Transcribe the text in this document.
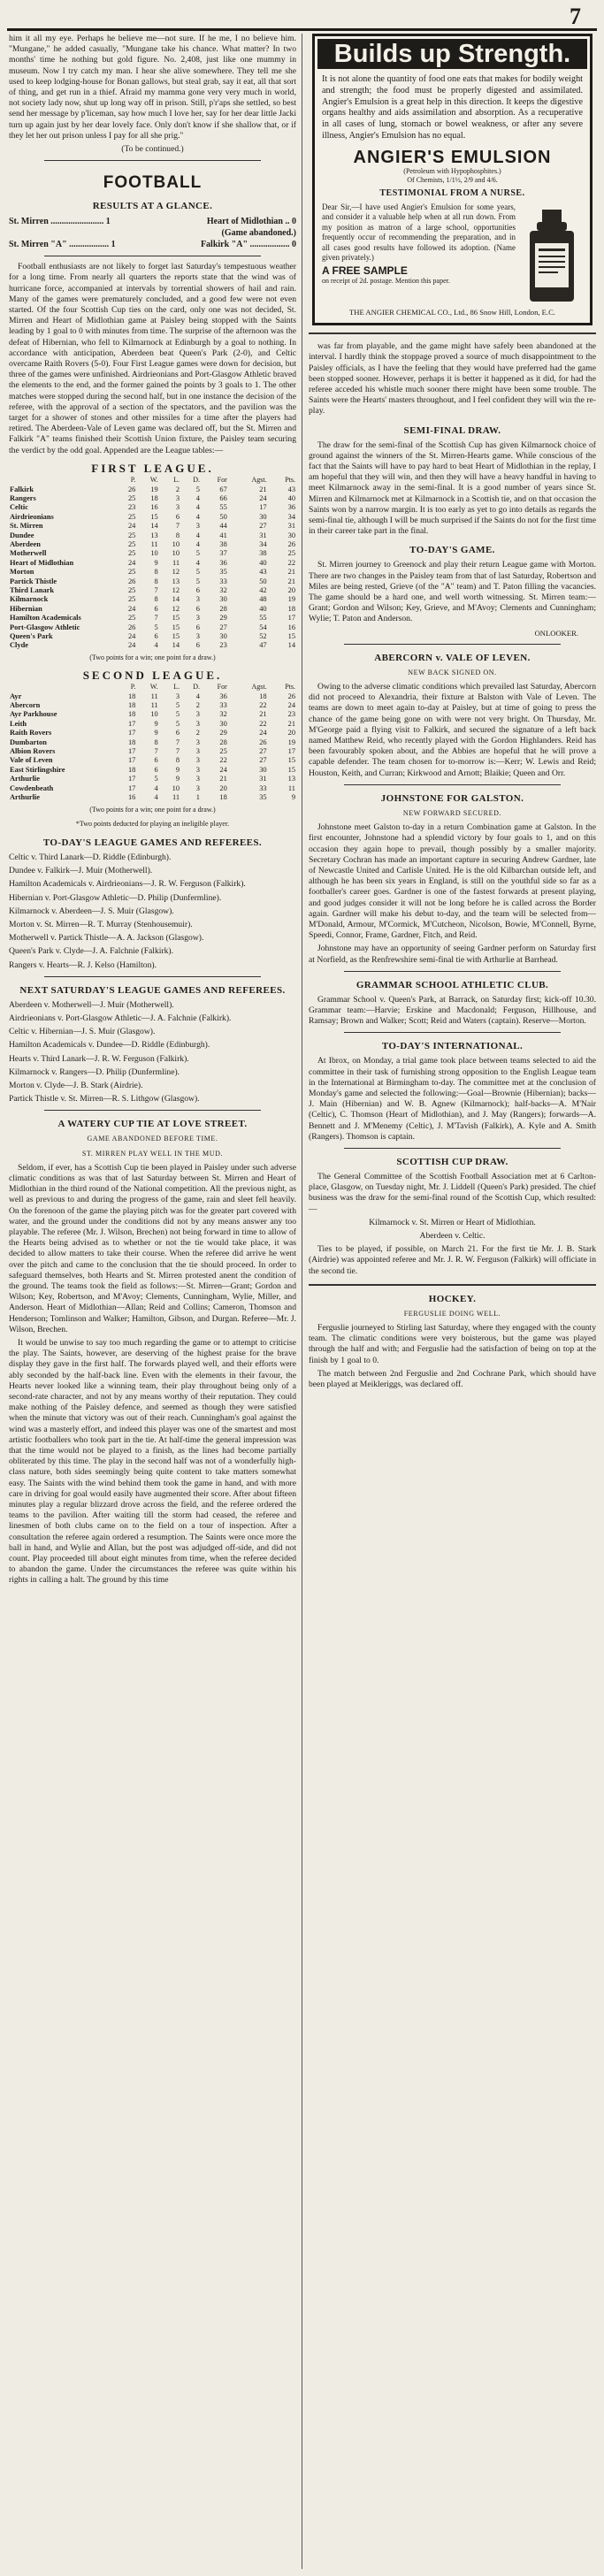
7

him it all my eye. Perhaps he believe me—not sure. If he me, I no believe him. "Mungane," he added casually, "Mungane take his chance. What matter? In two months' time he nothing but gold figure. No. 2,408, just like one mummy in museum. Now I try catch my man. I hear she alive somewhere. They tell me she used to keep lodging-house for Bonan gallows, but steal grab, say it eat, all that sort of thing, and get run in a thief. Afraid my mamma gone very very much in world, not society lady now, shut up long way off in prison. Still, p'r'aps she settled, so best send her message by p'liceman, say how much I love her, say for her dear little Jacki turn up again just by her dear lovely face. Only don't know if she shallow that, or if they let her out prison unless I pay for all she prig."

(To be continued.)

FOOTBALL
RESULTS AT A GLANCE.
St. Mirren ........................ 1	Heart of Midlothian .. 0
(Game abandoned.)
St. Mirren "A" .................. 1	Falkirk "A" .................. 0

Football enthusiasts are not likely to forget last Saturday's tempestuous weather for a long time. From nearly all quarters the reports state that the wind was of hurricane force, accompanied at intervals by torrential showers of hail and rain. Many of the games were prematurely concluded, and a good few were not even started. Of the four Scottish Cup ties on the card, only one was not decided, St. Mirren and Heart of Midlothian game at Paisley being stopped with the Saints leading by 1 goal to 0 with minutes from time. The surprise of the afternoon was the defeat of Hibernian, who fell to Kilmarnock at Edinburgh by a goal to nothing. In accordance with anticipation, Aberdeen beat Queen's Park (2-0), and Celtic overcame Raith Rovers (5-0). Four First League games were down for decision, but three of the games were unfinished. Airdrieonians and Port-Glasgow Athletic braved the elements to the end, and the former gained the points by 3 goals to 1. The other matches were stopped during the second half, but in one instance the decision of the referee, with the approval of a section of the spectators, and the pavilion was the target for a shower of stones and other missiles for a time after the players had retired. The Aberdeen-Vale of Leven game was declared off, but the St. Mirren and Falkirk "A" teams finished their Scottish Union fixture, the Paisley team securing the verdict by the odd goal. Appended are the League tables:—

FIRST LEAGUE.
	P.	W.	L.	D.	For	Agst.	Pts.
Falkirk	26	19	2	5	67	21	43
Rangers	25	18	3	4	66	24	40
Celtic	23	16	3	4	55	17	36
Airdrieonians	25	15	6	4	50	30	34
St. Mirren	24	14	7	3	44	27	31
Dundee	25	13	8	4	41	31	30
Aberdeen	25	11	10	4	38	34	26
Motherwell	25	10	10	5	37	38	25
Heart of Midlothian	24	9	11	4	36	40	22
Morton	25	8	12	5	35	43	21
Partick Thistle	26	8	13	5	33	50	21
Third Lanark	25	7	12	6	32	42	20
Kilmarnock	25	8	14	3	30	48	19
Hibernian	24	6	12	6	28	40	18
Hamilton Academicals	25	7	15	3	29	55	17
Port-Glasgow Athletic	26	5	15	6	27	54	16
Queen's Park	24	6	15	3	30	52	15
Clyde	24	4	14	6	23	47	14
(Two points for a win; one point for a draw.)
SECOND LEAGUE.
	P.	W.	L.	D.	For	Agst.	Pts.
Ayr	18	11	3	4	36	18	26
Abercorn	18	11	5	2	33	22	24
Ayr Parkhouse	18	10	5	3	32	21	23
Leith	17	9	5	3	30	22	21
Raith Rovers	17	9	6	2	29	24	20
Dumbarton	18	8	7	3	28	26	19
Albion Rovers	17	7	7	3	25	27	17
Vale of Leven	17	6	8	3	22	27	15
East Stirlingshire	18	6	9	3	24	30	15
Arthurlie	17	5	9	3	21	31	13
Cowdenbeath	17	4	10	3	20	33	11
Arthurlie	16	4	11	1	18	35	9
(Two points for a win; one point for a draw.)
*Two points deducted for playing an ineligible player.
TO-DAY'S LEAGUE GAMES AND REFEREES.

Celtic v. Third Lanark—D. Riddle (Edinburgh).

Dundee v. Falkirk—J. Muir (Motherwell).

Hamilton Academicals v. Airdrieonians—J. R. W. Ferguson (Falkirk).

Hibernian v. Port-Glasgow Athletic—D. Philip (Dunfermline).

Kilmarnock v. Aberdeen—J. S. Muir (Glasgow).

Morton v. St. Mirren—R. T. Murray (Stenhousemuir).

Motherwell v. Partick Thistle—A. A. Jackson (Glasgow).

Queen's Park v. Clyde—J. A. Falchnie (Falkirk).

Rangers v. Hearts—R. J. Kelso (Hamilton).

NEXT SATURDAY'S LEAGUE GAMES AND REFEREES.

Aberdeen v. Motherwell—J. Muir (Motherwell).

Airdrieonians v. Port-Glasgow Athletic—J. A. Falchnie (Falkirk).

Celtic v. Hibernian—J. S. Muir (Glasgow).

Hamilton Academicals v. Dundee—D. Riddle (Edinburgh).

Hearts v. Third Lanark—J. R. W. Ferguson (Falkirk).

Kilmarnock v. Rangers—D. Philip (Dunfermline).

Morton v. Clyde—J. B. Stark (Airdrie).

Partick Thistle v. St. Mirren—R. S. Lithgow (Glasgow).

A WATERY CUP TIE AT LOVE STREET.
GAME ABANDONED BEFORE TIME.
ST. MIRREN PLAY WELL IN THE MUD.

Seldom, if ever, has a Scottish Cup tie been played in Paisley under such adverse climatic conditions as was that of last Saturday between St. Mirren and Heart of Midlothian in the third round of the National competition. All the previous night, as well as previous to and during the progress of the game, rain and sleet fell heavily. On the forenoon of the game the playing pitch was for the greater part covered with water, and the ground under the conditions did not by any means answer any too playable. The referee (Mr. J. Wilson, Brechen) not being forward in time to allow of the Hearts being advised as to whether or not the tie would take place, it was decided to allow matters to take their course. When the referee did arrive he went over the pitch and came to the conclusion that the tie should proceed. In order to safeguard themselves, both Hearts and St. Mirren protested anent the condition of the ground. The teams took the field as follows:—St. Mirren—Grant; Gordon and Wilson; Key, Robertson, and M'Avoy; Clements, Cunningham, Wylie, Miller, and Anderson. Heart of Midlothian—Allan; Reid and Collins; Cameron, Thomson and Henderson; Tomlinson and Walker; Hamilton, Gibson, and Durgan. Referee—Mr. J. Wilson, Brechen.

It would be unwise to say too much regarding the game or to attempt to criticise the play. The Saints, however, are deserving of the highest praise for the brave display they gave in the first half. The forwards played well, and their efforts were ably seconded by the half-back line. Even with the elements in their favour, the Hearts never looked like a winning team, their play throughout being only of a second-rate character, and not by any means worthy of their reputation. They could make nothing of the Paisley defence, and seemed as though they were satisfied when the minute that victory was out of their reach. Cunningham's goal against the wind was a masterly effort, and indeed this player was one of the smartest and most artistic footballers who took part in the tie. At half-time the general impression was that the time would not be played to a finish, as the lines had become partially obliterated by this time. The play in the second half was not of a wonderfully high-class nature, both sides seemingly being quite content to take matters somewhat easy. The Saints with the wind behind them took the game in hand, and with more care in driving for goal would easily have augmented their score. After about fifteen minutes play a regular blizzard drove across the field, and the referee ordered the teams to the pavilion. After waiting till the storm had ceased, the referee and linesmen of both clubs came on to the field on a tour of inspection. After a consultation the referee again ordered a resumption. The Saints were once more the ball in hand, and Wylie and Allan, but the post was adjudged off-side, and did not count. Play proceeded till about eight minutes from time, when the referee decided to abandon the game. Under the circumstances the referee was quite within his rights in calling a halt. The ground by this time

Builds up Strength.
It is not alone the quantity of food one eats that makes for bodily weight and strength; the food must be properly digested and assimilated. Angier's Emulsion is a great help in this direction. It keeps the digestive organs healthy and aids assimilation and absorption. As a recuperative in all cases of lung, stomach or bowel weakness, or after any severe illness, Angier's Emulsion has no equal.
ANGIER'S EMULSION
(Petroleum with Hypophosphites.)
Of Chemists, 1/1½, 2/9 and 4/6.
TESTIMONIAL FROM A NURSE.
Dear Sir,—I have used Angier's Emulsion for some years, and consider it a valuable help when at all run down. From my position as matron of a large school, opportunities frequently occur of recommending the preparation, and in all cases good results have followed its adoption. (Name given privately.)
A FREE SAMPLE
on receipt of 2d. postage. Mention this paper.
THE ANGIER CHEMICAL CO., Ltd., 86 Snow Hill, London, E.C.

was far from playable, and the game might have safely been abandoned at the interval. I hardly think the stoppage proved a source of much disappointment to the Paisley officials, as I have the feeling that they would have preferred had the game been stopped sooner. However, perhaps it is better it happened as it did, for had the referee acceded his whistle much sooner there might have been some trouble. The Saints were the Hearts' masters throughout, and I feel confident they will win the re-play.

SEMI-FINAL DRAW.

The draw for the semi-final of the Scottish Cup has given Kilmarnock choice of ground against the winners of the St. Mirren-Hearts game. While conscious of the fact that the Saints will have to pay hard to beat Heart of Midlothian in the replay, I am hopeful that they will win, and then they will have a heavy handful in having to meet Kilmarnock away in the semi-final. It is a good number of years since St. Mirren and Kilmarnock met at Kilmarnock in a Scottish tie, and on that occasion the Saints won by a narrow margin. It is too early as yet to go into details as regards the semi-final tie, although I will be much surprised if the Saints do not for the first time in their career take part in the final.

TO-DAY'S GAME.

St. Mirren journey to Greenock and play their return League game with Morton. There are two changes in the Paisley team from that of last Saturday, Robertson and Miles are being rested, Grieve (of the "A" team) and T. Paton filling the vacancies. The game should be a hard one, and well worth witnessing. St. Mirren team:—Grant; Gordon and Wilson; Key, Grieve, and M'Avoy; Clements and Cunningham; Wylie; T. Paton and Anderson.

ONLOOKER.
ABERCORN v. VALE OF LEVEN.
NEW BACK SIGNED ON.

Owing to the adverse climatic conditions which prevailed last Saturday, Abercorn did not proceed to Alexandria, their fixture at Balston with Vale of Leven. The teams are down to meet again to-day at Paisley, but at time of going to press the chance of the game being gone on with were not very bright. On Thursday, Mr. M'George paid a flying visit to Falkirk, and secured the signature of a left back named Matthew Reid, who recently played with the Gordon Highlanders. Reid has been favourably spoken about, and the Abbies are hopeful that he will prove a capable defender. The team chosen for to-morrow is:—Kerr; W. Lewis and Reid; Houston, Keith, and Curran; Kirkwood and Arnott; Blaikie; Queen and Orr.

JOHNSTONE FOR GALSTON.
NEW FORWARD SECURED.

Johnstone meet Galston to-day in a return Combination game at Galston. In the first encounter, Johnstone had a splendid victory by four goals to 1, and on this occasion they again hope to prevail, though possibly by a smaller majority. Secretary Cochran has made an important capture in securing Andrew Gardner, late of Newcastle United and Carlisle United. He is the old Kilbarchan outside left, and although he has been six years in England, is still on the youthful side so far as a footballer's career goes. Gardner is one of the fastest forwards at present playing, and good judges consider it will not be long before he is called across the Border again. Gardner will make his debut to-day, and the team will be selected from—M'Donald, Armour, M'Cormick, M'Cutcheon, Nicolson, Bowie, M'Connell, Byrne, Speedi, Connor, Frame, Gardner, Fitch, and Reid.

Johnstone may have an opportunity of seeing Gardner perform on Saturday first at Norfield, as the Renfrewshire semi-final tie with Arthurlie at Barrhead.

GRAMMAR SCHOOL ATHLETIC CLUB.

Grammar School v. Queen's Park, at Barrack, on Saturday first; kick-off 10.30. Grammar team:—Harvie; Erskine and Macdonald; Ferguson, Hillhouse, and Ramsay; Brown and Walker; Scott; Reid and Waters (captain). Reserve—Morton.

TO-DAY'S INTERNATIONAL.

At Ibrox, on Monday, a trial game took place between teams selected to aid the committee in their task of furnishing strong opposition to the English League team in the International at Birmingham to-day. The committee met at the conclusion of Monday's game and selected the following:—Goal—Brownie (Hibernian); backs—J. Main (Hibernian) and W. B. Agnew (Kilmarnock); half-backs—A. M'Nair (Celtic), C. Thomson (Heart of Midlothian), and J. May (Rangers); forwards—A. Bennett and J. M'Menemy (Celtic), J. M'Tavish (Falkirk), A. Kyle and A. Smith (Rangers). Thomson is captain.

SCOTTISH CUP DRAW.

The General Committee of the Scottish Football Association met at 6 Carlton-place, Glasgow, on Tuesday night, Mr. J. Liddell (Queen's Park) presided. The chief business was the draw for the semi-final round of the Scottish Cup, which resulted:—

Kilmarnock v. St. Mirren or Heart of Midlothian.

Aberdeen v. Celtic.

Ties to be played, if possible, on March 21. For the first tie Mr. J. B. Stark (Airdrie) was appointed referee and Mr. J. R. W. Ferguson (Falkirk) will officiate in the second tie.

HOCKEY.
FERGUSLIE DOING WELL.

Ferguslie journeyed to Stirling last Saturday, where they engaged with the county team. The climatic conditions were very boisterous, but the game was played through the half and with; and Ferguslie had the satisfaction of being on top at the finish by 1 goal to 0.

The match between 2nd Ferguslie and 2nd Cochrane Park, which should have been played at Meikleriggs, was declared off.
